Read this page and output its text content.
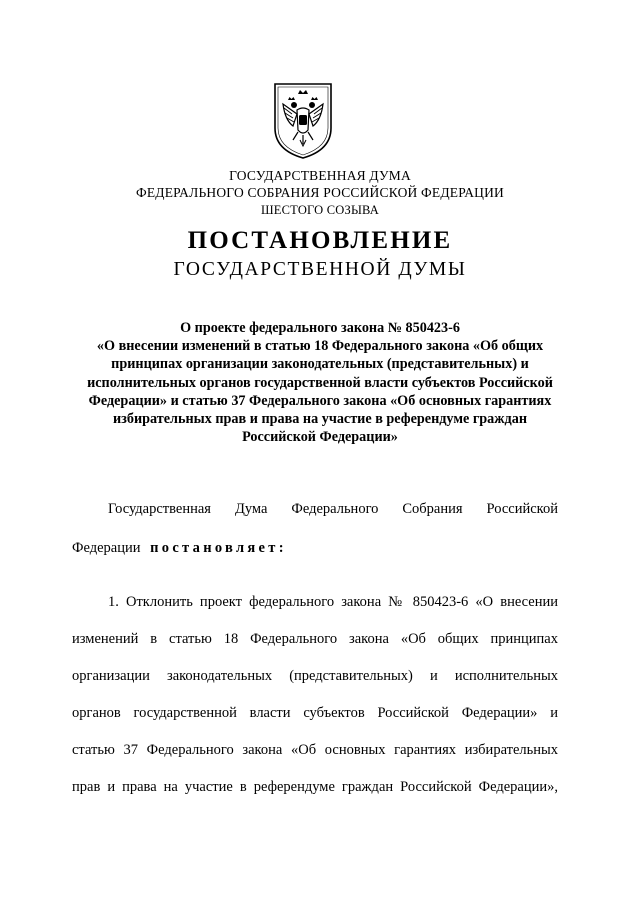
ГОСУДАРСТВЕННАЯ ДУМА
ФЕДЕРАЛЬНОГО СОБРАНИЯ РОССИЙСКОЙ ФЕДЕРАЦИИ
ШЕСТОГО СОЗЫВА
ПОСТАНОВЛЕНИЕ
ГОСУДАРСТВЕННОЙ ДУМЫ
О проекте федерального закона № 850423-6
«О внесении изменений в статью 18 Федерального закона «Об общих
принципах организации законодательных (представительных) и
исполнительных органов государственной власти субъектов Российской
Федерации» и статью 37 Федерального закона «Об основных гарантиях
избирательных прав и права на участие в референдуме граждан
Российской Федерации»
Государственная Дума Федерального Собрания Российской
Федерации постановляет:
1. Отклонить проект федерального закона № 850423-6 «О внесении
изменений в статью 18 Федерального закона «Об общих принципах
организации законодательных (представительных) и исполнительных
органов государственной власти субъектов Российской Федерации» и
статью 37 Федерального закона «Об основных гарантиях избирательных
прав и права на участие в референдуме граждан Российской Федерации»,
